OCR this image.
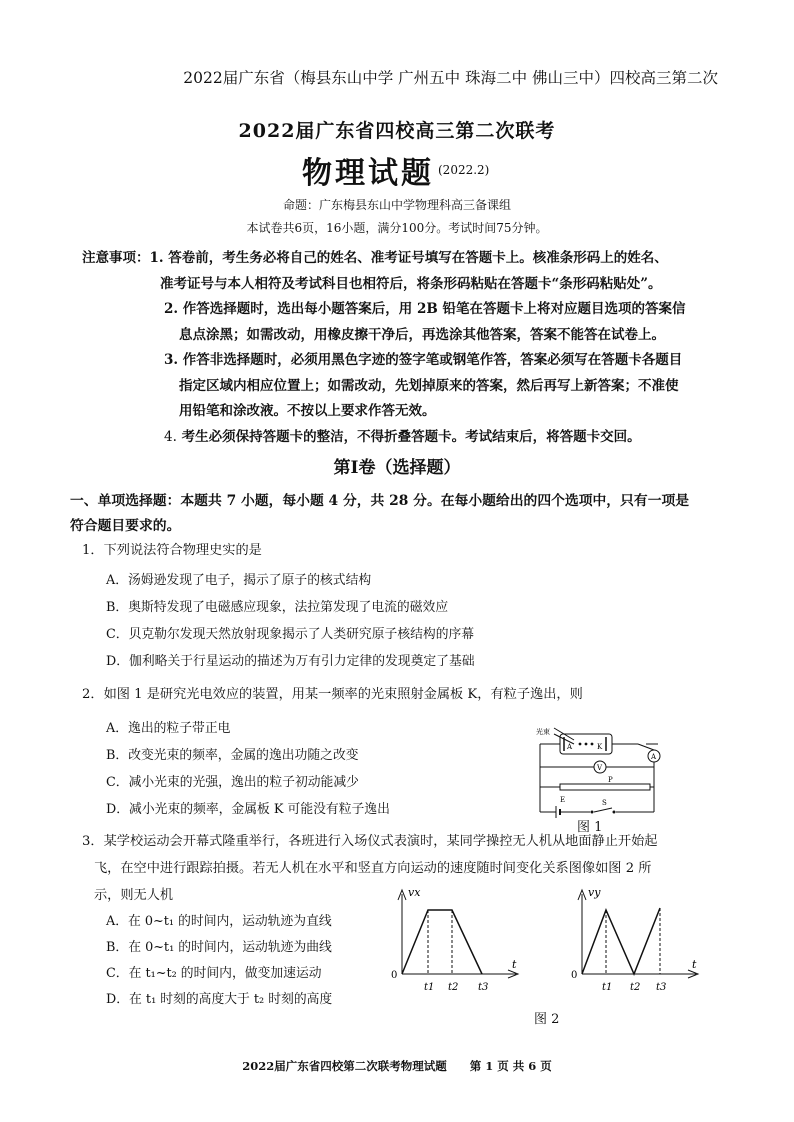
2022届广东省（梅县东山中学 广州五中 珠海二中 佛山三中）四校高三第二次
2022届广东省四校高三第二次联考
物理试题 (2022.2)
命题：广东梅县东山中学物理科高三备课组
本试卷共6页，16小题，满分100分。考试时间75分钟。
注意事项： 1. 答卷前，考生务必将自己的姓名、准考证号填写在答题卡上。核准条形码上的姓名、
准考证号与本人相符及考试科目也相符后，将条形码粘贴在答题卡“条形码粘贴处”。
2. 作答选择题时，选出每小题答案后，用 2B 铅笔在答题卡上将对应题目选项的答案信
息点涂黑；如需改动，用橡皮擦干净后，再选涂其他答案，答案不能答在试卷上。
3. 作答非选择题时，必须用黑色字迹的签字笔或钢笔作答，答案必须写在答题卡各题目
指定区域内相应位置上；如需改动，先划掉原来的答案，然后再写上新答案；不准使
用铅笔和涂改液。不按以上要求作答无效。
4. 考生必须保持答题卡的整洁，不得折叠答题卡。考试结束后，将答题卡交回。
第Ⅰ卷（选择题）
一、单项选择题：本题共 7 小题，每小题 4 分，共 28 分。在每小题给出的四个选项中，只有一项是
符合题目要求的。
1．下列说法符合物理史实的是
A．汤姆逊发现了电子，揭示了原子的核式结构
B．奥斯特发现了电磁感应现象，法拉第发现了电流的磁效应
C．贝克勒尔发现天然放射现象揭示了人类研究原子核结构的序幕
D．伽利略关于行星运动的描述为万有引力定律的发现奠定了基础
2．如图 1 是研究光电效应的装置，用某一频率的光束照射金属板 K，有粒子逸出，则
A．逸出的粒子带正电
B．改变光束的频率，金属的逸出功随之改变
C．减小光束的光强，逸出的粒子初动能减少
D．减小光束的频率，金属板 K 可能没有粒子逸出
光束
A	K
A
V
P
E	S
图 1
3．某学校运动会开幕式隆重举行，各班进行入场仪式表演时，某同学操控无人机从地面静止开始起
飞，在空中进行跟踪拍摄。若无人机在水平和竖直方向运动的速度随时间变化关系图像如图 2 所
示，则无人机
A．在 0~t₁ 的时间内，运动轨迹为直线
B．在 0~t₁ 的时间内，运动轨迹为曲线
C．在 t₁~t₂ 的时间内，做变加速运动
D．在 t₁ 时刻的高度大于 t₂ 时刻的高度
vx
t
0
t1 t2 t3
vy
t
0
t1 t2 t3
图 2
2022届广东省四校第二次联考物理试题　　第 1 页 共 6 页
